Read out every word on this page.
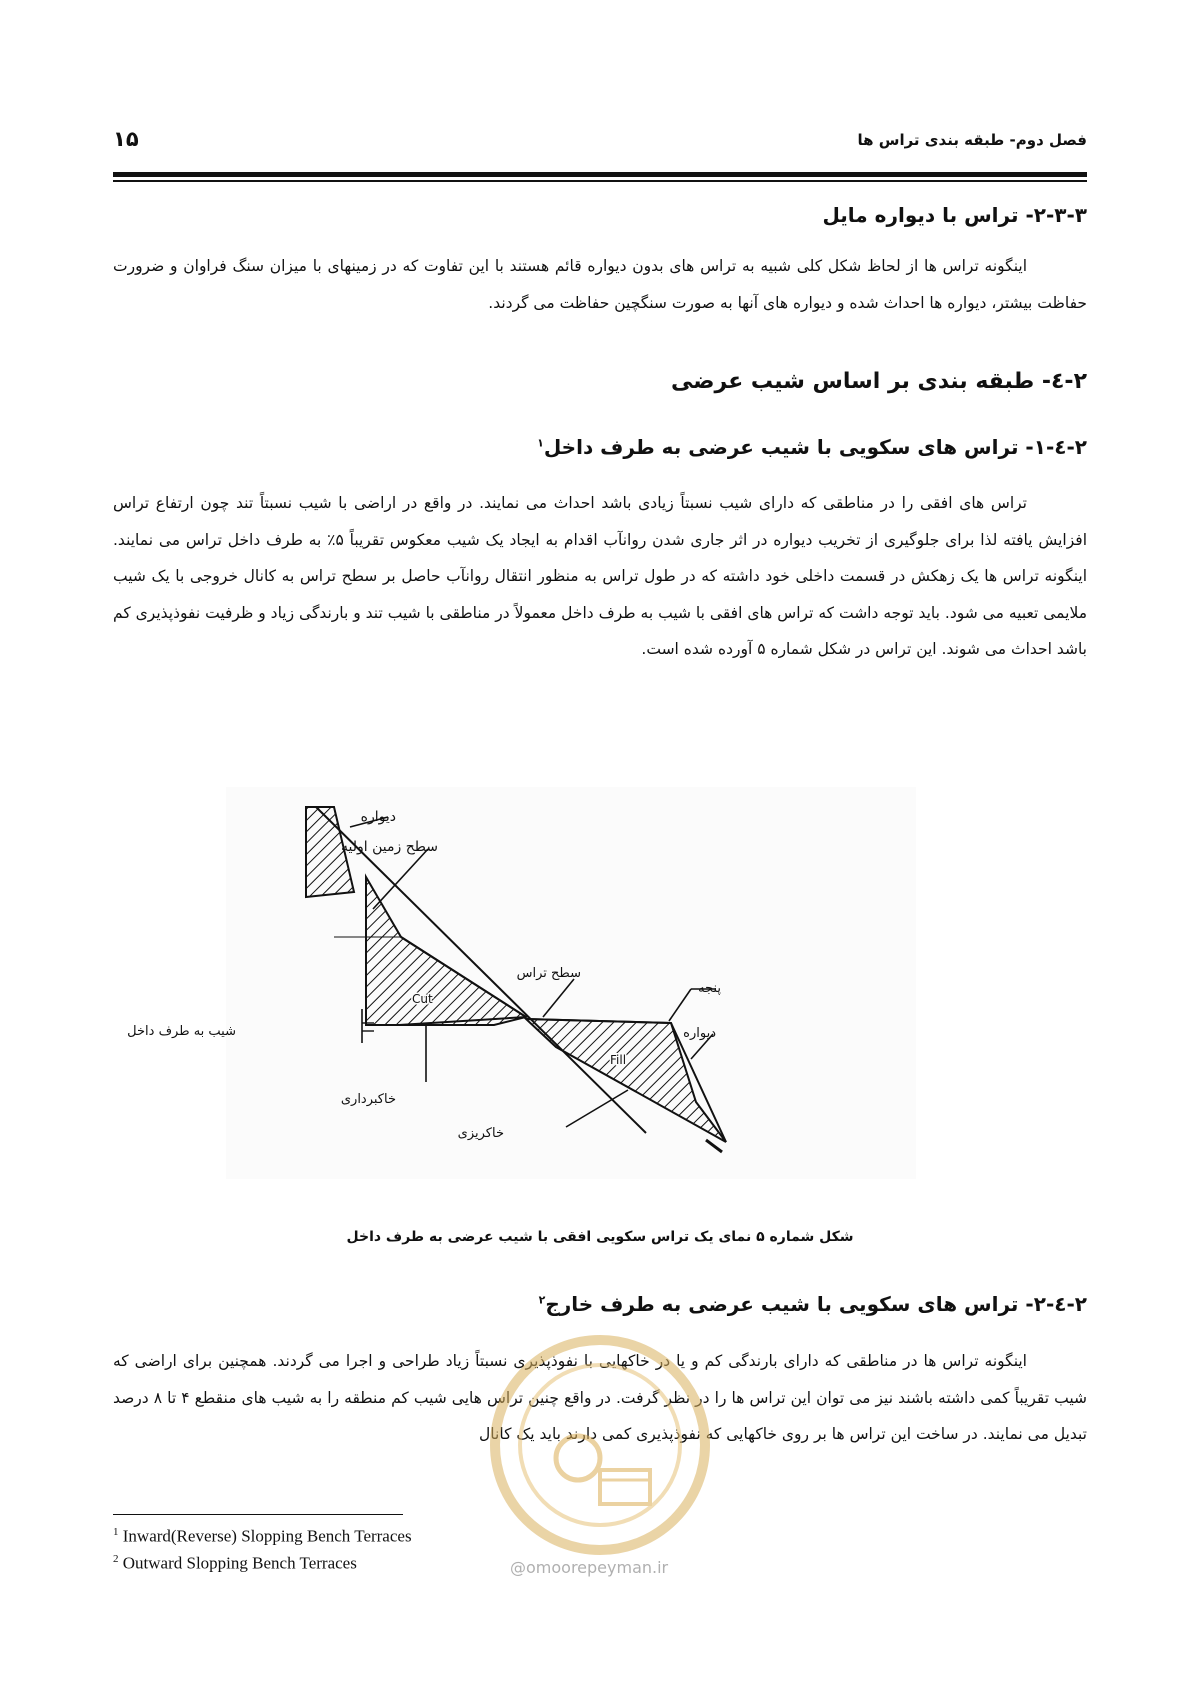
فصل دوم- طبقه بندی تراس ها
۱۵
۲-۳-۳- تراس با دیواره مایل

اینگونه تراس ها از لحاظ شکل کلی شبیه به تراس های بدون دیواره قائم هستند با این تفاوت که در زمینهای با میزان سنگ فراوان و ضرورت حفاظت بیشتر، دیواره ها احداث شده و دیواره های آنها به صورت سنگچین حفاظت می گردند.

۲-٤- طبقه بندی بر اساس شیب عرضی
۲-٤-۱- تراس های سکویی با شیب عرضی به طرف داخل$^۱$

تراس های افقی را در مناطقی که دارای شیب نسبتاً زیادی باشد احداث می نمایند. در واقع در اراضی با شیب نسبتاً تند چون ارتفاع تراس افزایش یافته لذا برای جلوگیری از تخریب دیواره در اثر جاری شدن روانآب اقدام به ایجاد یک شیب معکوس تقریباً ۵٪ به طرف داخل تراس می نمایند. اینگونه تراس ها یک زهکش در قسمت داخلی خود داشته که در طول تراس به منظور انتقال روانآب حاصل بر سطح تراس به کانال خروجی با یک شیب ملایمی تعبیه می شود. باید توجه داشت که تراس های افقی با شیب به طرف داخل معمولاً در مناطقی با شیب تند و بارندگی زیاد و ظرفیت نفوذپذیری کم باشد احداث می شوند. این تراس در شکل شماره ۵ آورده شده است.

دیواره
سطح زمین اولیه
سطح تراس
پنجه
دیواره
شیب به طرف داخل
Cut
Fill
خاکبرداری
خاکریزی
شکل شماره ۵ نمای یک تراس سکویی افقی با شیب عرضی به طرف داخل
۲-٤-۲- تراس های سکویی با شیب عرضی به طرف خارج$^۲$

اینگونه تراس ها در مناطقی که دارای بارندگی کم و یا در خاکهایی با نفوذپذیری نسبتاً زیاد طراحی و اجرا می گردند. همچنین برای اراضی که شیب تقریباً کمی داشته باشند نیز می توان این تراس ها را در نظر گرفت. در واقع چنین تراس هایی شیب کم منطقه را به شیب های منقطع ۴ تا ۸ درصد تبدیل می نمایند. در ساخت این تراس ها بر روی خاکهایی که نفوذپذیری کمی دارند باید یک کانال

$^1$ Inward(Reverse) Slopping Bench Terraces
$^2$ Outward Slopping Bench Terraces	@omoorepeyman.ir
